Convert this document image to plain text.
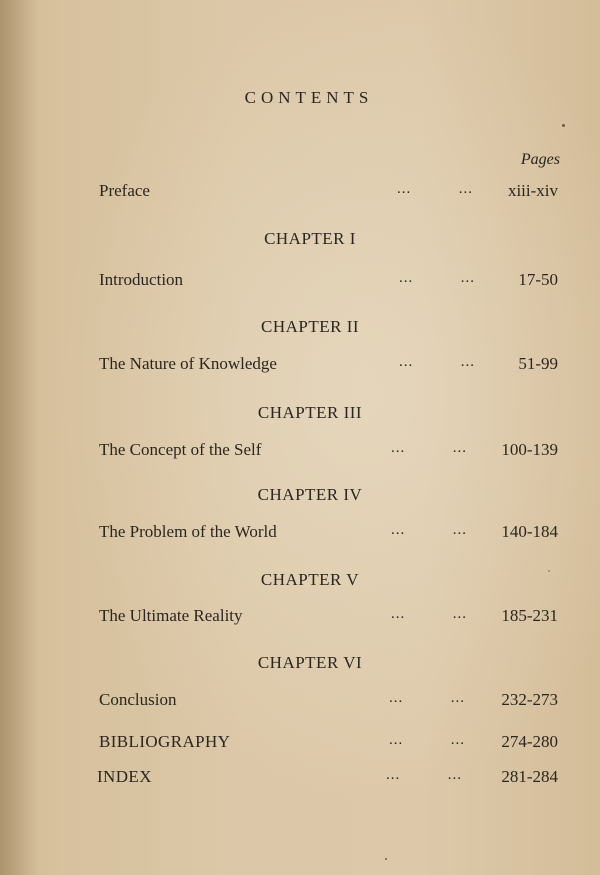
CONTENTS
Pages
Preface	...          ... xiii-xiv
CHAPTER I
Introduction	...          ...	17-50
CHAPTER II
The Nature of Knowledge	...          ...	51-99
CHAPTER III
The Concept of the Self	...          ... 100-139
CHAPTER IV
The Problem of the World	...          ... 140-184
CHAPTER V
The Ultimate Reality	...          ... 185-231
CHAPTER VI
Conclusion	...          ... 232-273
BIBLIOGRAPHY	...          ... 274-280
INDEX	...          ... 281-284
